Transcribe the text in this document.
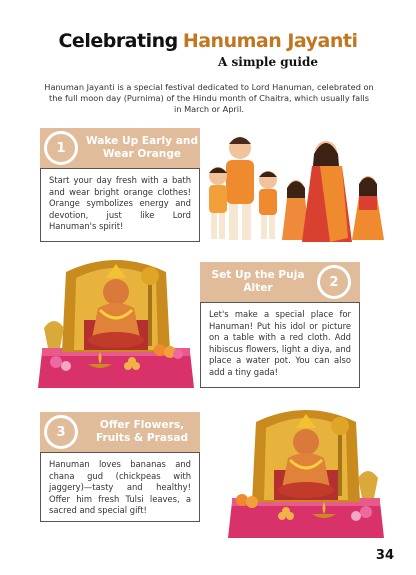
Celebrating Hanuman Jayanti
A simple guide
Hanuman Jayanti is a special festival dedicated to Lord Hanuman, celebrated on the full moon day (Purnima) of the Hindu month of Chaitra, which usually falls in March or April.
Wake Up Early and Wear Orange
1
Start your day fresh with a bath and wear bright orange clothes! Orange symbolizes energy and devotion, just like Lord Hanuman's spirit!
Set Up the Puja Alter	2
Let's make a special place for Hanuman! Put his idol or picture on a table with a red cloth. Add hibiscus flowers, light a diya, and place a water pot. You can also add a tiny gada!
Offer Flowers, Fruits & Prasad
3
Hanuman loves bananas and chana gud (chickpeas with jaggery)—tasty and healthy! Offer him fresh Tulsi leaves, a sacred and special gift!
34
